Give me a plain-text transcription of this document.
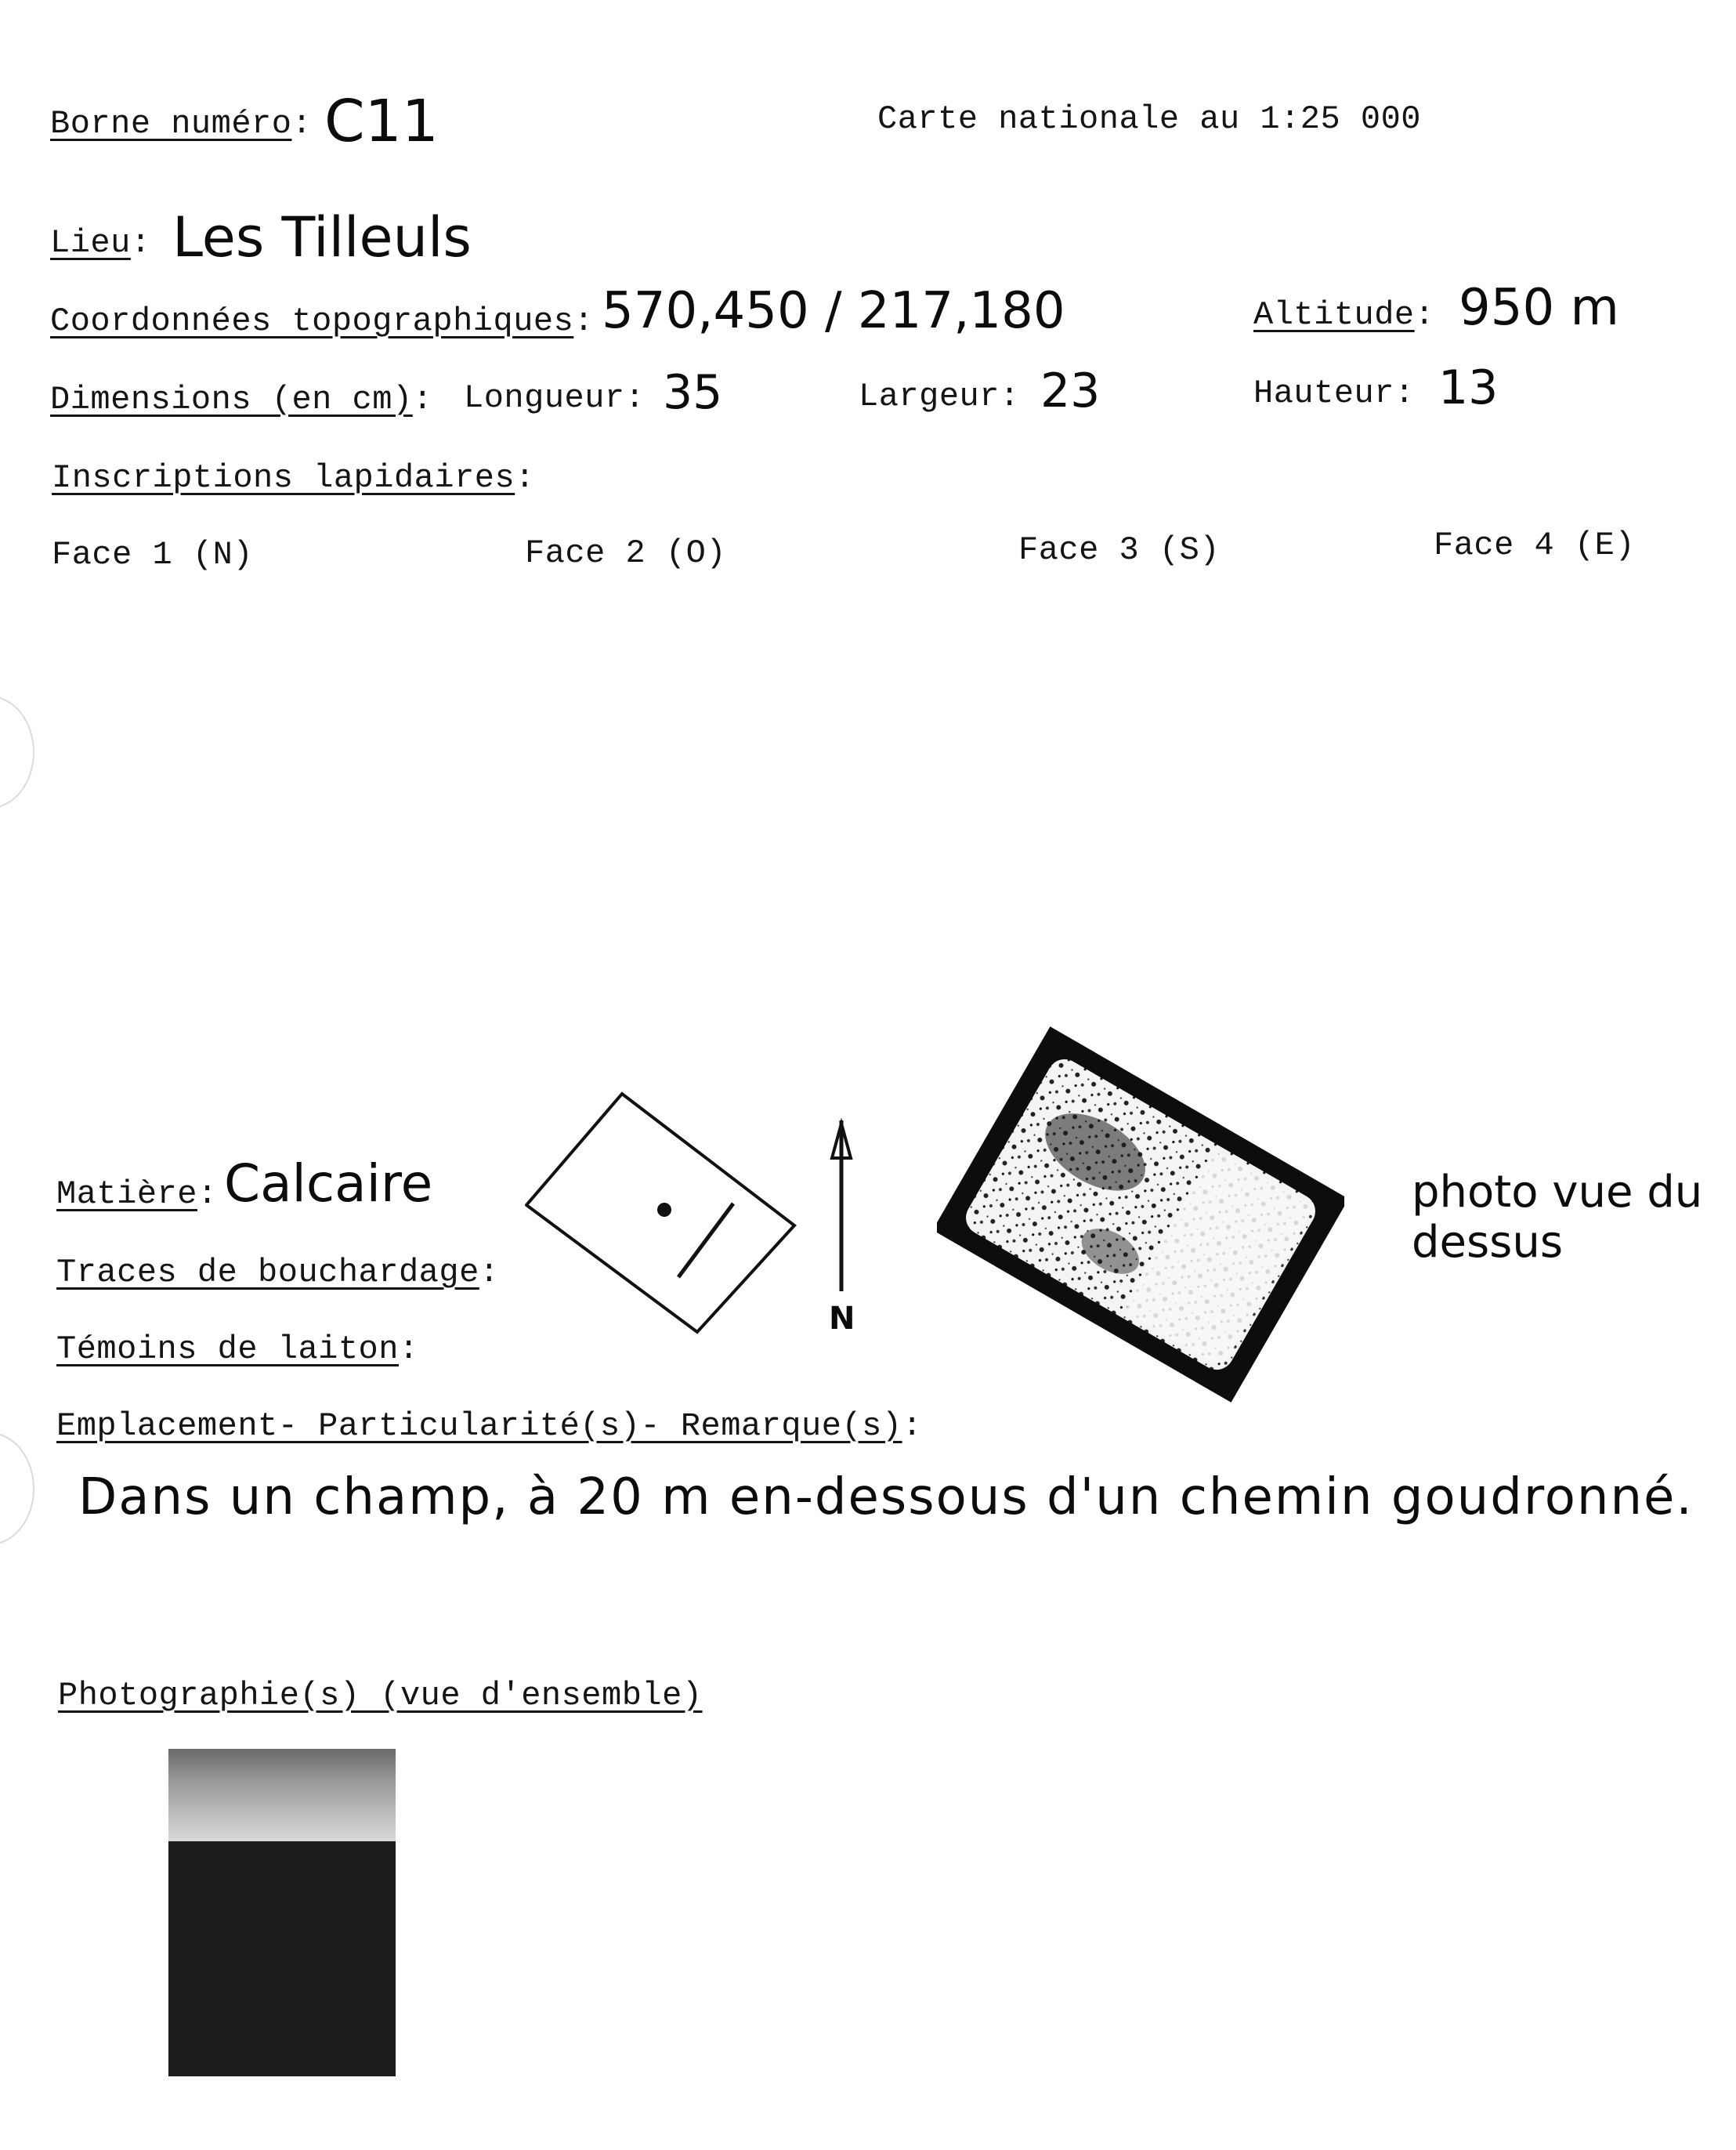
Borne numéro: C11	Carte nationale au 1:25 000
Lieu: Les Tilleuls
Coordonnées topographiques: 570,450 / 217,180	Altitude: 950 m
Dimensions (en cm): Longueur: 35	Largeur: 23	Hauteur: 13
Inscriptions lapidaires:
Face 1 (N)	Face 2 (O)	Face 3 (S)	Face 4 (E)
Matière: Calcaire
Traces de bouchardage:
Témoins de laiton:
N
photo vue du
dessus
Emplacement- Particularité(s)- Remarque(s):
Dans un champ, à 20 m en-dessous d'un chemin goudronné.
Photographie(s) (vue d'ensemble)
